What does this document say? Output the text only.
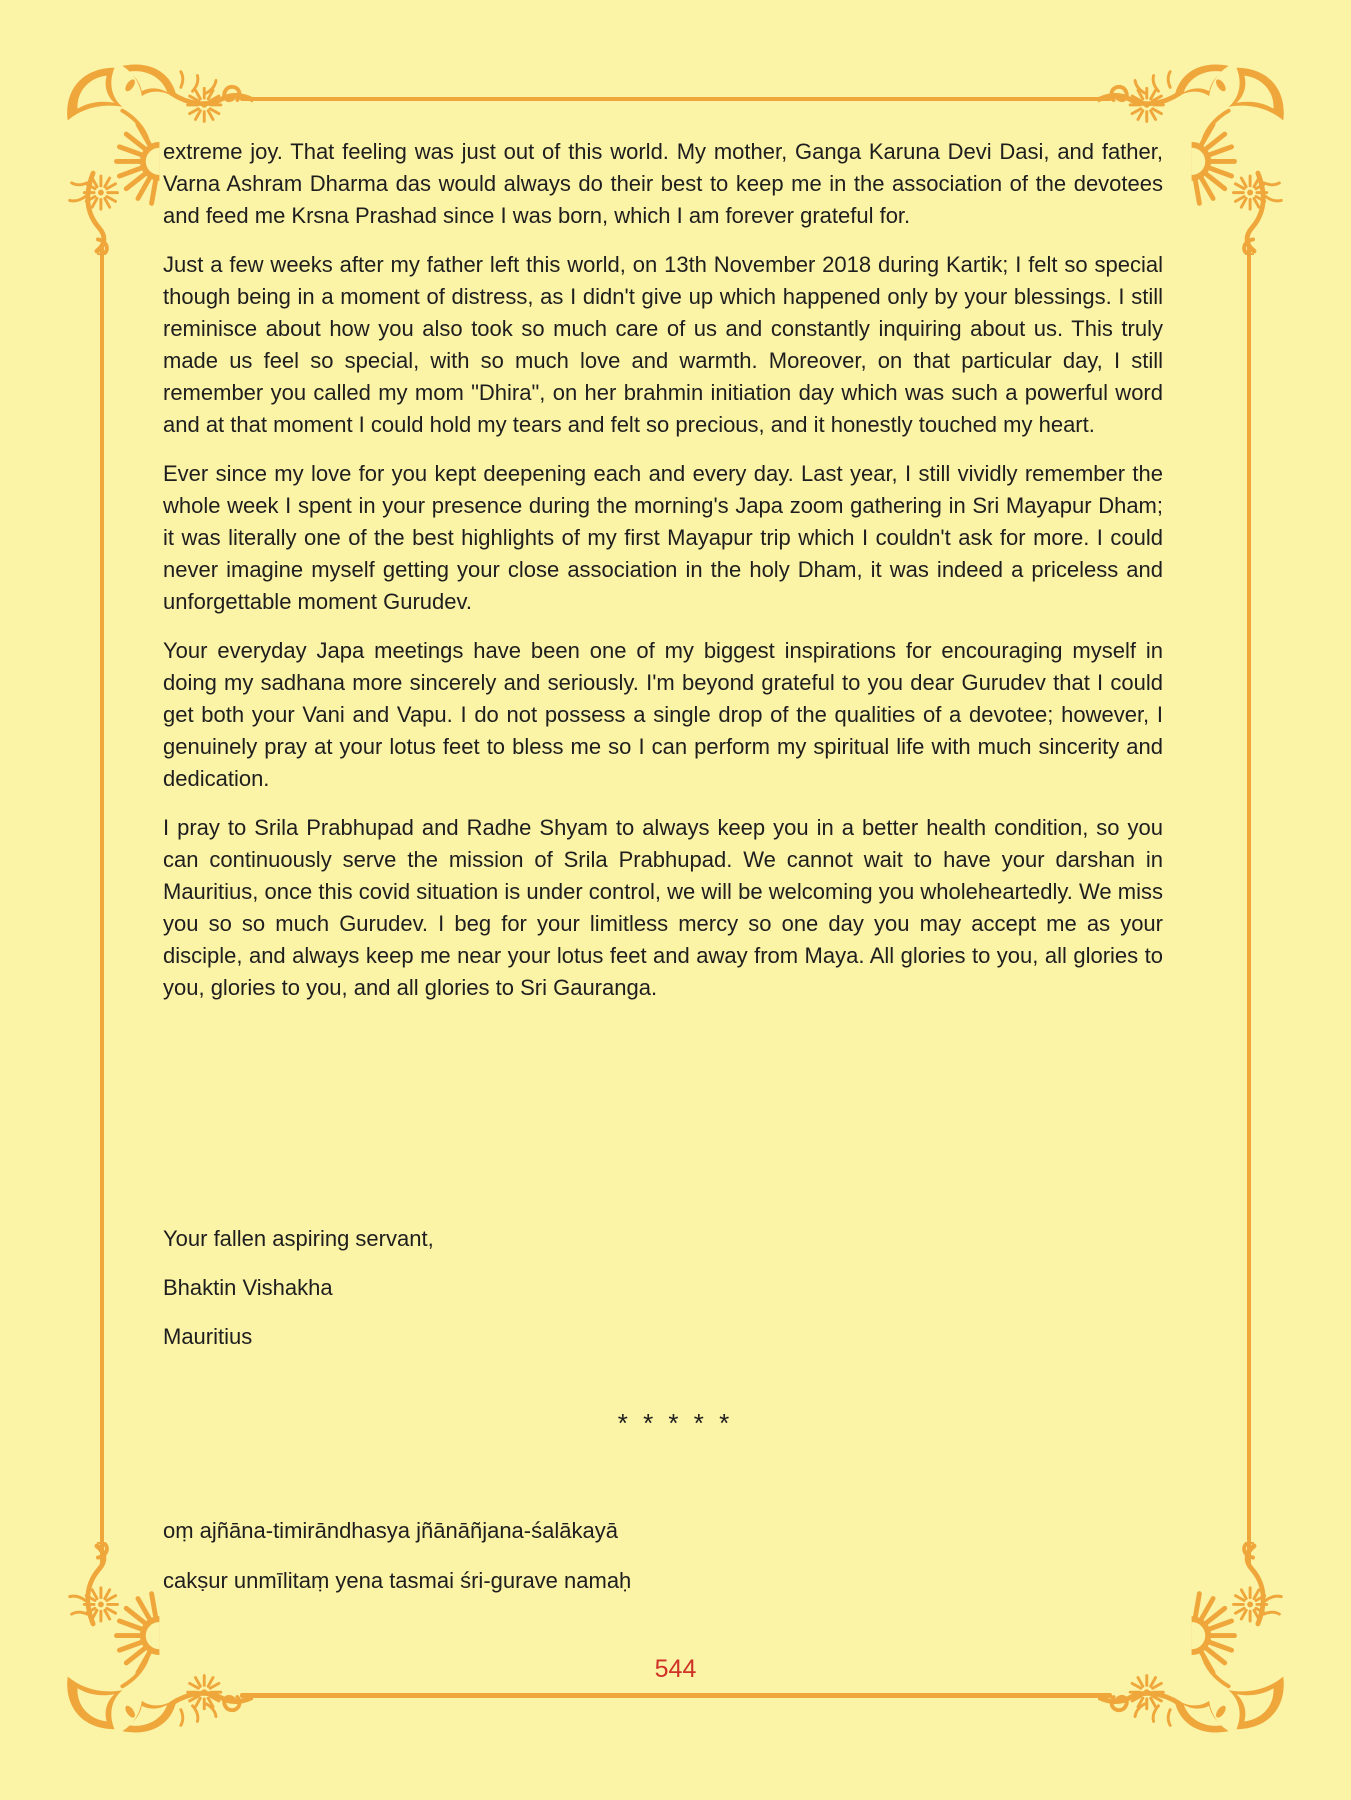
extreme joy. That feeling was just out of this world. My mother, Ganga Karuna Devi Dasi, and father, Varna Ashram Dharma das would always do their best to keep me in the association of the devotees and feed me Krsna Prashad since I was born, which I am forever grateful for.

Just a few weeks after my father left this world, on 13th November 2018 during Kartik; I felt so special though being in a moment of distress, as I didn't give up which happened only by your blessings. I still reminisce about how you also took so much care of us and constantly inquiring about us. This truly made us feel so special, with so much love and warmth. Moreover, on that particular day, I still remember you called my mom "Dhira", on her brahmin initiation day which was such a powerful word and at that moment I could hold my tears and felt so precious, and it honestly touched my heart.

Ever since my love for you kept deepening each and every day. Last year, I still vividly remember the whole week I spent in your presence during the morning's Japa zoom gathering in Sri Mayapur Dham; it was literally one of the best highlights of my first Mayapur trip which I couldn't ask for more. I could never imagine myself getting your close association in the holy Dham, it was indeed a priceless and unforgettable moment Gurudev.

Your everyday Japa meetings have been one of my biggest inspirations for encouraging myself in doing my sadhana more sincerely and seriously. I'm beyond grateful to you dear Gurudev that I could get both your Vani and Vapu. I do not possess a single drop of the qualities of a devotee; however, I genuinely pray at your lotus feet to bless me so I can perform my spiritual life with much sincerity and dedication.

I pray to Srila Prabhupad and Radhe Shyam to always keep you in a better health condition, so you can continuously serve the mission of Srila Prabhupad. We cannot wait to have your darshan in Mauritius, once this covid situation is under control, we will be welcoming you wholeheartedly. We miss you so so much Gurudev. I beg for your limitless mercy so one day you may accept me as your disciple, and always keep me near your lotus feet and away from Maya. All glories to you, all glories to you, glories to you, and all glories to Sri Gauranga.

Your fallen aspiring servant,

Bhaktin Vishakha

Mauritius

* * * * *

oṃ ajñāna-timirāndhasya jñānāñjana-śalākayā

cakṣur unmīlitaṃ yena tasmai śri-gurave namaḥ

544
